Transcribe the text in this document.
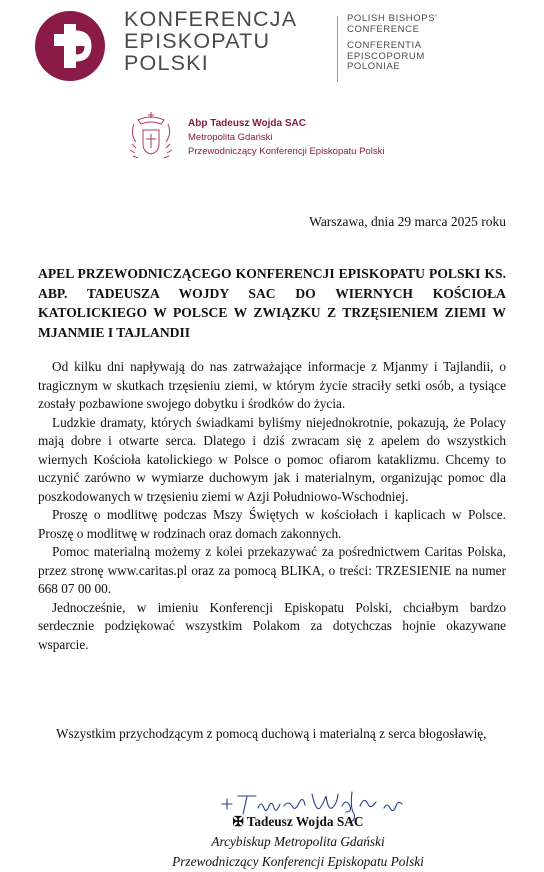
KONFERENCJA
EPISKOPATU
POLSKI
POLISH BISHOPS'
CONFERENCE
CONFERENTIA
EPISCOPORUM
POLONIAE
Abp Tadeusz Wojda SAC
Metropolita Gdański
Przewodniczący Konferencji Episkopatu Polski
Warszawa, dnia 29 marca 2025 roku
APEL PRZEWODNICZĄCEGO KONFERENCJI EPISKOPATU POLSKI KS. ABP. TADEUSZA WOJDY SAC DO WIERNYCH KOŚCIOŁA KATOLICKIEGO W POLSCE W ZWIĄZKU Z TRZĘSIENIEM ZIEMI W MJANMIE I TAJLANDII

Od kilku dni napływają do nas zatrważające informacje z Mjanmy i Tajlandii, o tragicznym w skutkach trzęsieniu ziemi, w którym życie straciły setki osób, a tysiące zostały pozbawione swojego dobytku i środków do życia.

Ludzkie dramaty, których świadkami byliśmy niejednokrotnie, pokazują, że Polacy mają dobre i otwarte serca. Dlatego i dziś zwracam się z apelem do wszystkich wiernych Kościoła katolickiego w Polsce o pomoc ofiarom kataklizmu. Chcemy to uczynić zarówno w wymiarze duchowym jak i materialnym, organizując pomoc dla poszkodowanych w trzęsieniu ziemi w Azji Południowo-Wschodniej.

Proszę o modlitwę podczas Mszy Świętych w kościołach i kaplicach w Polsce. Proszę o modlitwę w rodzinach oraz domach zakonnych.

Pomoc materialną możemy z kolei przekazywać za pośrednictwem Caritas Polska, przez stronę www.caritas.pl oraz za pomocą BLIKA, o treści: TRZESIENIE na numer 668 07 00 00.

Jednocześnie, w imieniu Konferencji Episkopatu Polski, chciałbym bardzo serdecznie podziękować wszystkim Polakom za dotychczas hojnie okazywane wsparcie.

Wszystkim przychodzącym z pomocą duchową i materialną z serca błogosławię,
✠ Tadeusz Wojda SAC
Arcybiskup Metropolita Gdański
Przewodniczący Konferencji Episkopatu Polski
